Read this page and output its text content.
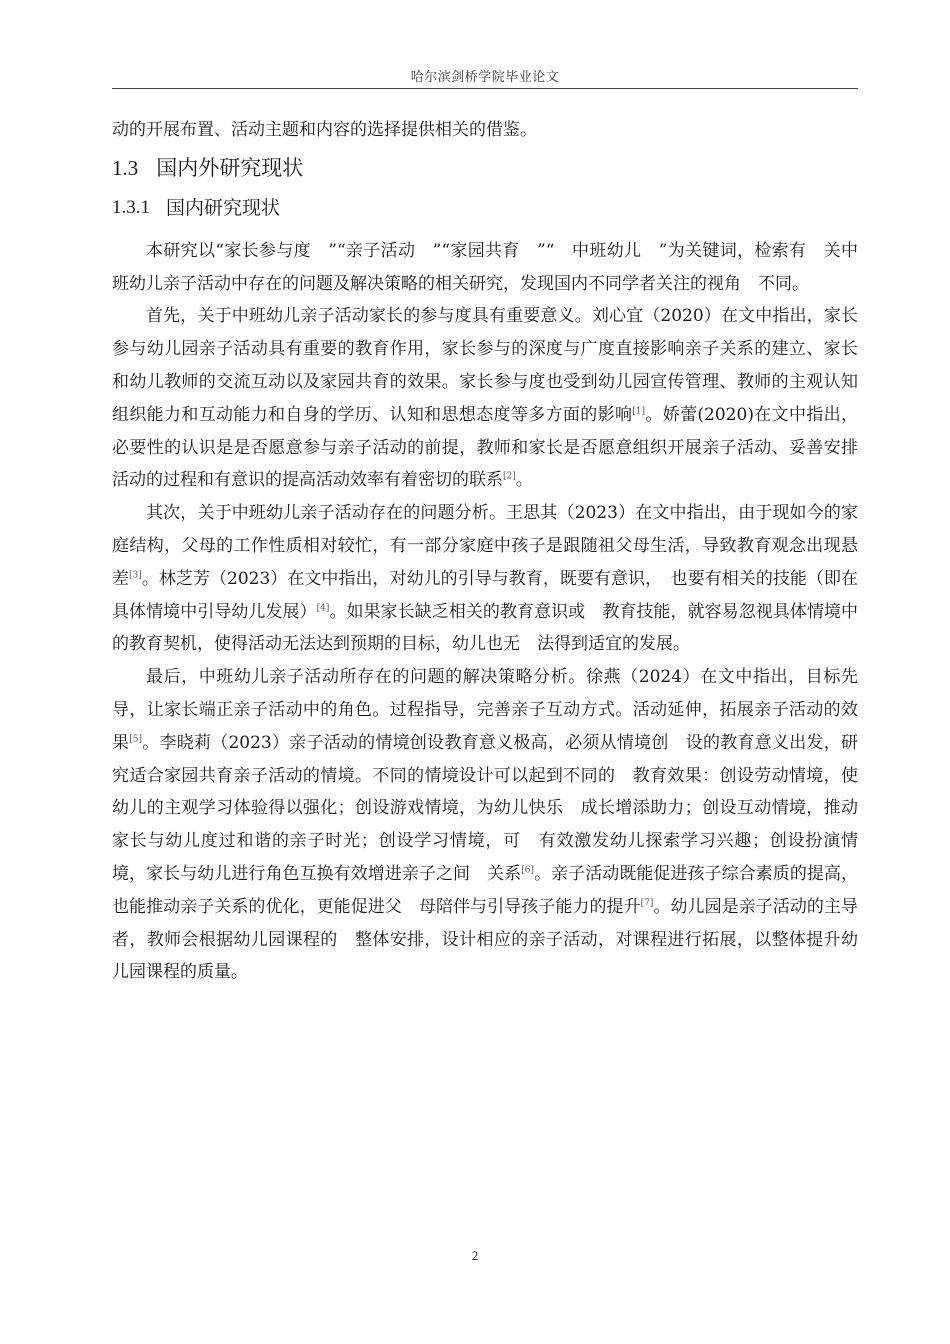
哈尔滨剑桥学院毕业论文

动的开展布置、活动主题和内容的选择提供相关的借鉴。

1.3 国内外研究现状
1.3.1 国内研究现状

本研究以“家长参与度　”“亲子活动　”“家园共育　”“　中班幼儿　”为关键词，检索有　关中班幼儿亲子活动中存在的问题及解决策略的相关研究，发现国内不同学者关注的视角　不同。

首先，关于中班幼儿亲子活动家长的参与度具有重要意义。刘心宜（2020）在文中指出，家长参与幼儿园亲子活动具有重要的教育作用，家长参与的深度与广度直接影响亲子关系的建立、家长和幼儿教师的交流互动以及家园共育的效果。家长参与度也受到幼儿园宣传管理、教师的主观认知组织能力和互动能力和自身的学历、认知和思想态度等多方面的影响[1]。娇蕾(2020)在文中指出，必要性的认识是是否愿意参与亲子活动的前提，教师和家长是否愿意组织开展亲子活动、妥善安排活动的过程和有意识的提高活动效率有着密切的联系[2]。

其次，关于中班幼儿亲子活动存在的问题分析。王思其（2023）在文中指出，由于现如今的家庭结构，父母的工作性质相对较忙，有一部分家庭中孩子是跟随祖父母生活，导致教育观念出现悬差[3]。林芝芳（2023）在文中指出，对幼儿的引导与教育，既要有意识，　也要有相关的技能（即在具体情境中引导幼儿发展）[4]。如果家长缺乏相关的教育意识或　教育技能，就容易忽视具体情境中的教育契机，使得活动无法达到预期的目标，幼儿也无　法得到适宜的发展。

最后，中班幼儿亲子活动所存在的问题的解决策略分析。徐燕（2024）在文中指出，目标先导，让家长端正亲子活动中的角色。过程指导，完善亲子互动方式。活动延伸，拓展亲子活动的效果[5]。李晓莉（2023）亲子活动的情境创设教育意义极高，必须从情境创　设的教育意义出发，研究适合家园共育亲子活动的情境。不同的情境设计可以起到不同的　教育效果：创设劳动情境，使幼儿的主观学习体验得以强化；创设游戏情境，为幼儿快乐　成长增添助力；创设互动情境，推动家长与幼儿度过和谐的亲子时光；创设学习情境，可　有效激发幼儿探索学习兴趣；创设扮演情境，家长与幼儿进行角色互换有效增进亲子之间　关系[6]。亲子活动既能促进孩子综合素质的提高，也能推动亲子关系的优化，更能促进父　母陪伴与引导孩子能力的提升[7]。幼儿园是亲子活动的主导者，教师会根据幼儿园课程的　整体安排，设计相应的亲子活动，对课程进行拓展，以整体提升幼儿园课程的质量。

2
